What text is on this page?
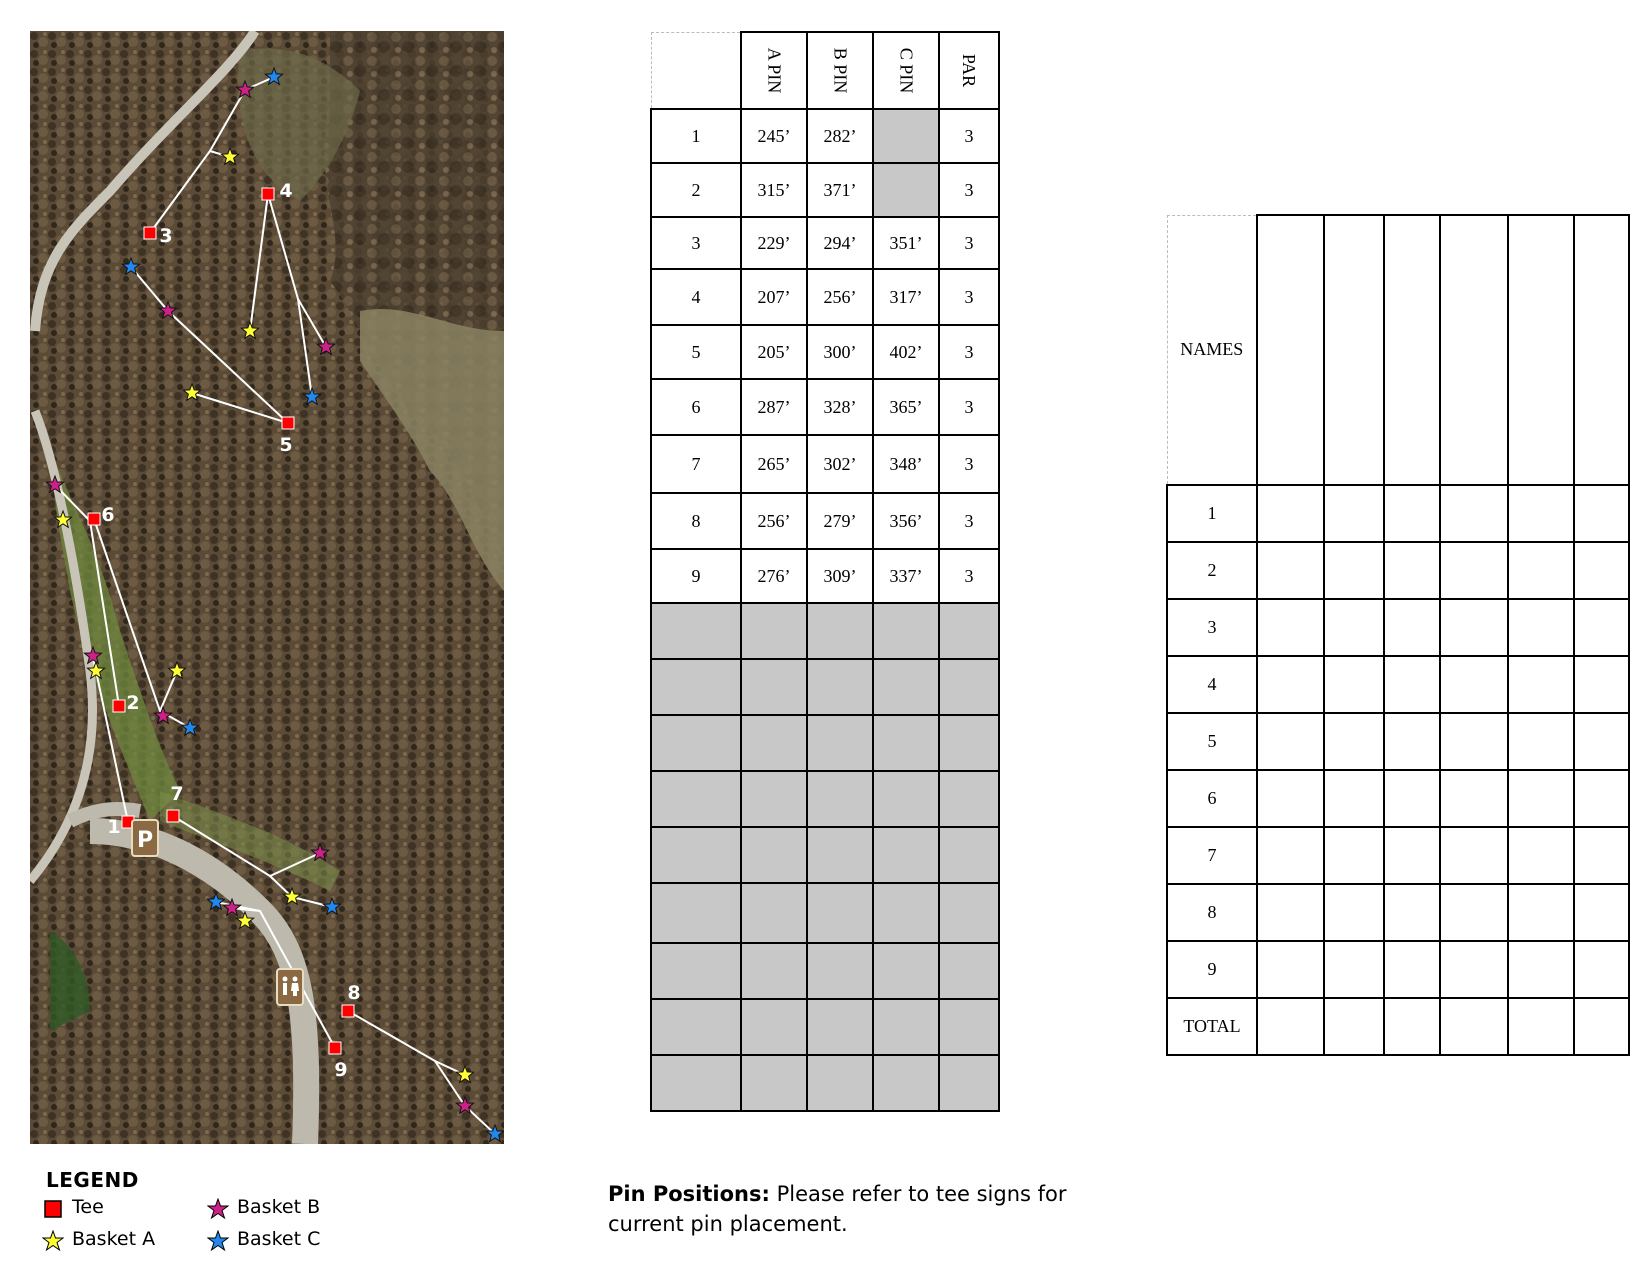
1
2
3
4
5
6
7
8
9
P
LEGEND
Tee
Basket A
Basket B
Basket C
	A PIN	B PIN	C PIN	PAR
1	245’	282’		3
2	315’	371’		3
3	229’	294’	351’	3
4	207’	256’	317’	3
5	205’	300’	402’	3
6	287’	328’	365’	3
7	265’	302’	348’	3
8	256’	279’	356’	3
9	276’	309’	337’	3

Pin Positions: Please refer to tee signs for current pin placement.
NAMES						
1						
2						
3						
4						
5						
6						
7						
8						
9						
TOTAL						
